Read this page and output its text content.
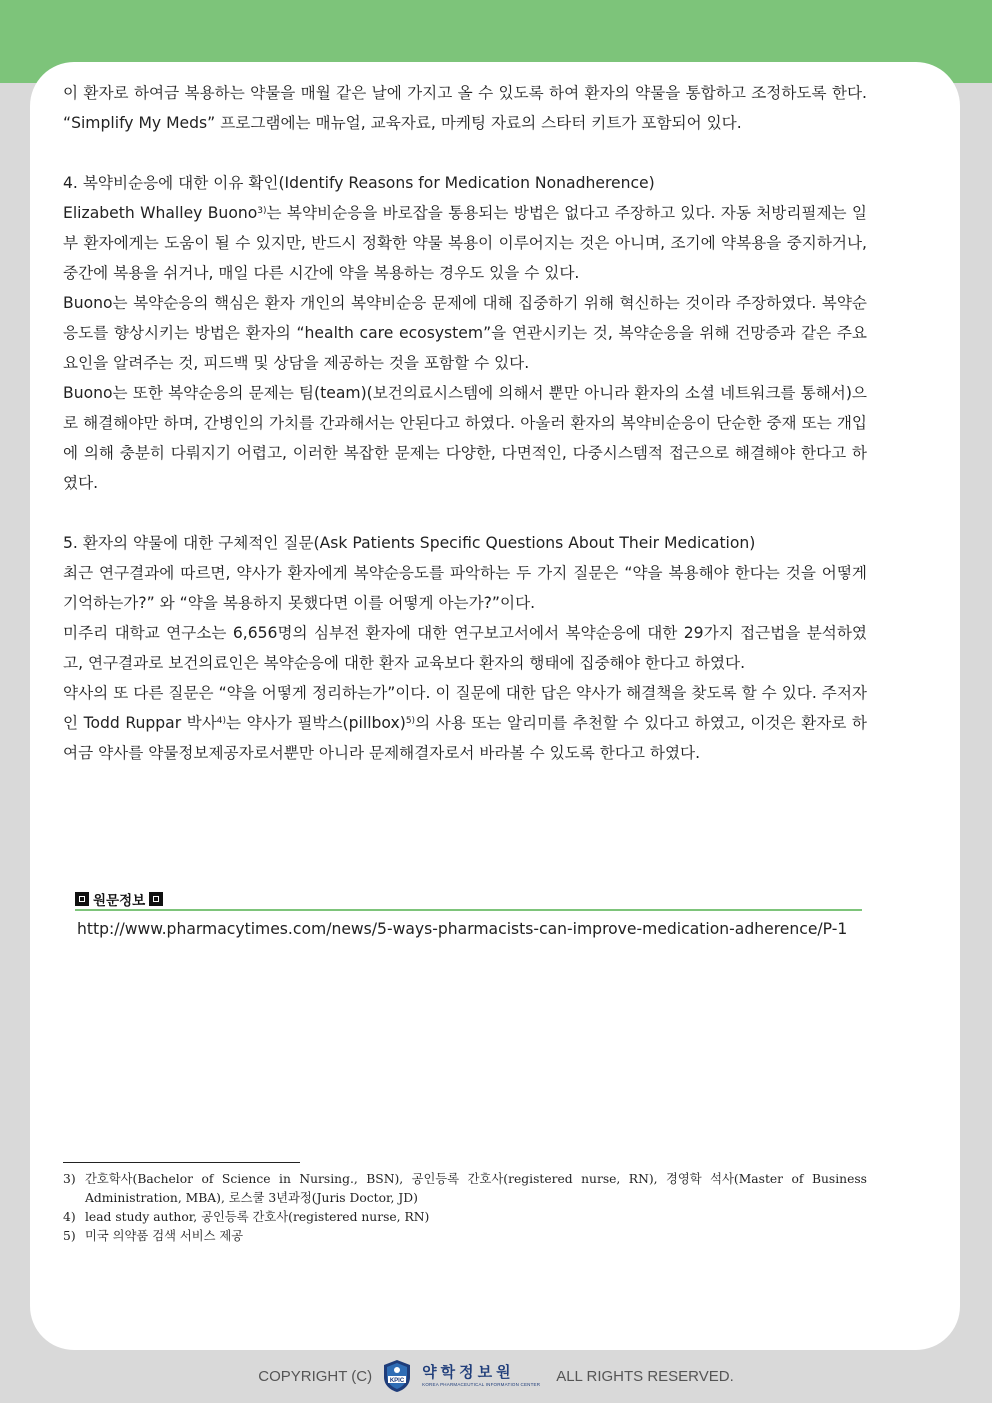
이 환자로 하여금 복용하는 약물을 매월 같은 날에 가지고 올 수 있도록 하여 환자의 약물을 통합하고 조정하도록 한다. “Simplify My Meds” 프로그램에는 매뉴얼, 교육자료, 마케팅 자료의 스타터 키트가 포함되어 있다.

4. 복약비순응에 대한 이유 확인(Identify Reasons for Medication Nonadherence)

Elizabeth Whalley Buono$^{3)}$는 복약비순응을 바로잡을 통용되는 방법은 없다고 주장하고 있다. 자동 처방리필제는 일부 환자에게는 도움이 될 수 있지만, 반드시 정확한 약물 복용이 이루어지는 것은 아니며, 조기에 약복용을 중지하거나, 중간에 복용을 쉬거나, 매일 다른 시간에 약을 복용하는 경우도 있을 수 있다.

Buono는 복약순응의 핵심은 환자 개인의 복약비순응 문제에 대해 집중하기 위해 혁신하는 것이라 주장하였다. 복약순응도를 향상시키는 방법은 환자의 “health care ecosystem”을 연관시키는 것, 복약순응을 위해 건망증과 같은 주요요인을 알려주는 것, 피드백 및 상담을 제공하는 것을 포함할 수 있다.

Buono는 또한 복약순응의 문제는 팀(team)(보건의료시스템에 의해서 뿐만 아니라 환자의 소셜 네트워크를 통해서)으로 해결해야만 하며, 간병인의 가치를 간과해서는 안된다고 하였다. 아울러 환자의 복약비순응이 단순한 중재 또는 개입에 의해 충분히 다뤄지기 어렵고, 이러한 복잡한 문제는 다양한, 다면적인, 다중시스템적 접근으로 해결해야 한다고 하였다.

5. 환자의 약물에 대한 구체적인 질문(Ask Patients Specific Questions About Their Medication)

최근 연구결과에 따르면, 약사가 환자에게 복약순응도를 파악하는 두 가지 질문은 “약을 복용해야 한다는 것을 어떻게 기억하는가?” 와 “약을 복용하지 못했다면 이를 어떻게 아는가?”이다.

미주리 대학교 연구소는 6,656명의 심부전 환자에 대한 연구보고서에서 복약순응에 대한 29가지 접근법을 분석하였고, 연구결과로 보건의료인은 복약순응에 대한 환자 교육보다 환자의 행태에 집중해야 한다고 하였다.

약사의 또 다른 질문은 “약을 어떻게 정리하는가”이다. 이 질문에 대한 답은 약사가 해결책을 찾도록 할 수 있다. 주저자인 Todd Ruppar 박사$^{4)}$는 약사가 필박스(pillbox)$^{5)}$의 사용 또는 알리미를 추천할 수 있다고 하였고, 이것은 환자로 하여금 약사를 약물정보제공자로서뿐만 아니라 문제해결자로서 바라볼 수 있도록 한다고 하였다.

원문정보
http://www.pharmacytimes.com/news/5-ways-pharmacists-can-improve-medication-adherence/P-1
3) 간호학사(Bachelor of Science in Nursing., BSN), 공인등록 간호사(registered nurse, RN), 경영학 석사(Master of Business Administration, MBA), 로스쿨 3년과정(Juris Doctor, JD)
4) lead study author, 공인등록 간호사(registered nurse, RN)
5) 미국 의약품 검색 서비스 제공
COPYRIGHT (C)	KPIC 약학정보원
KOREA PHARMACEUTICAL INFORMATION CENTER ALL RIGHTS RESERVED.
